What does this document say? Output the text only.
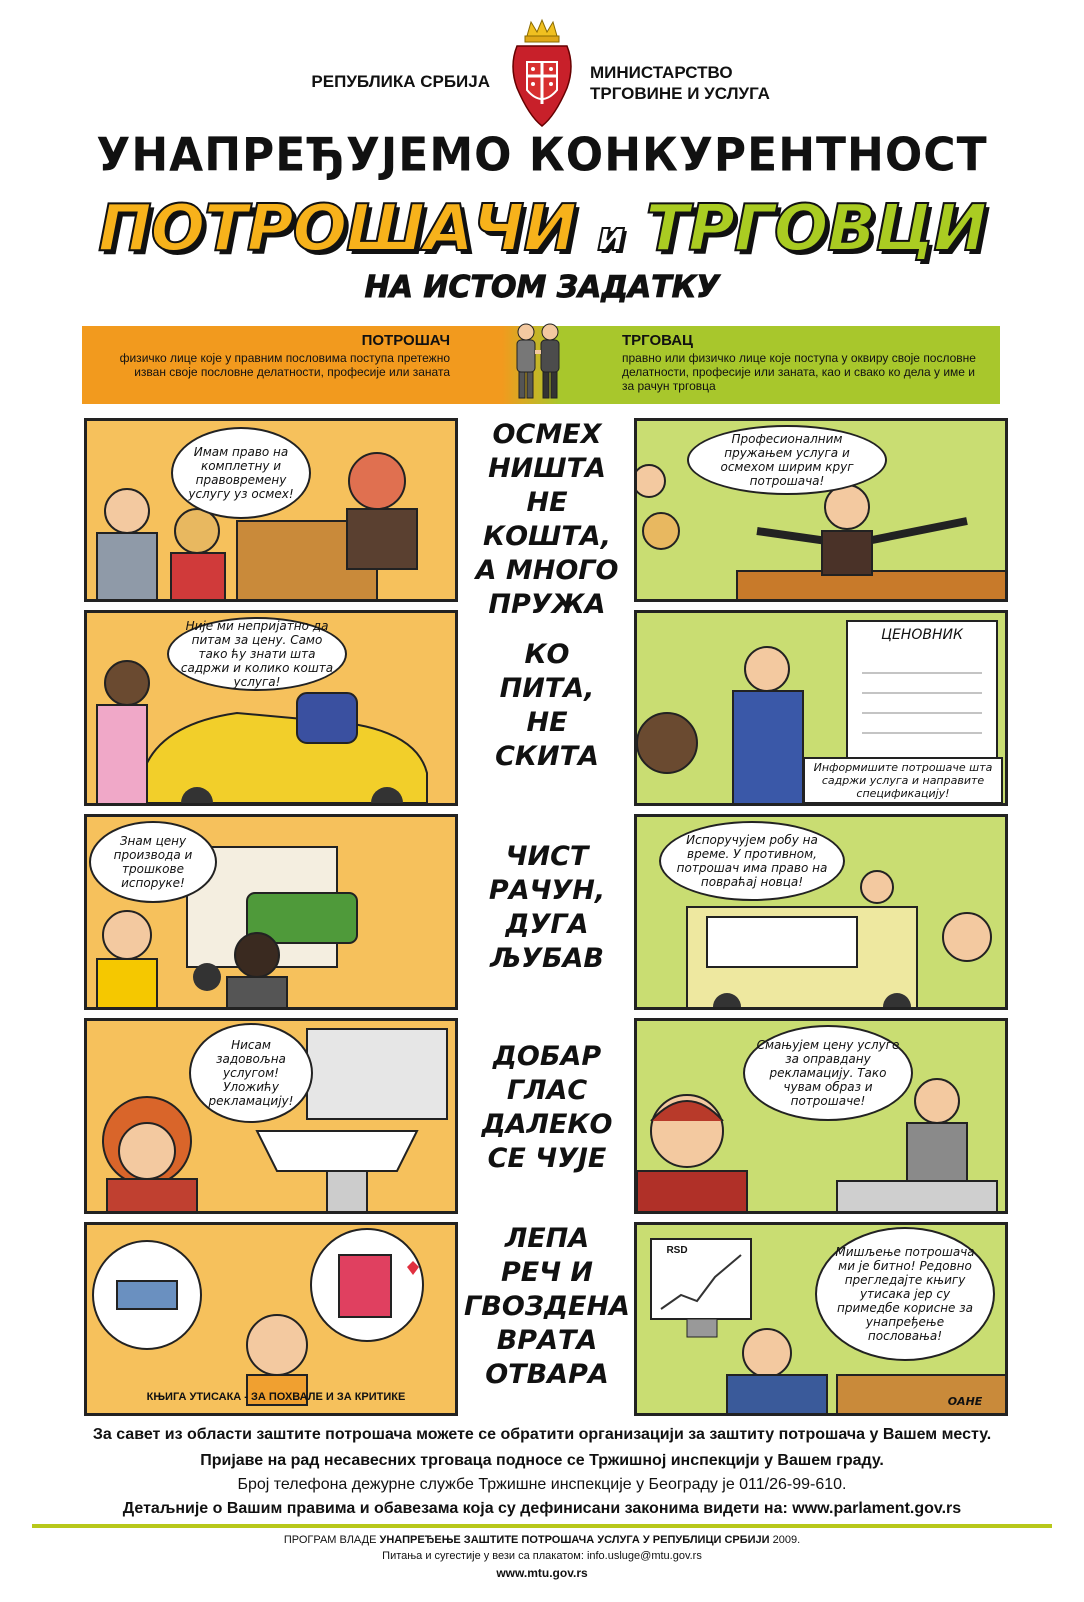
РЕПУБЛИКА СРБИЈА	МИНИСТАРСТВО
ТРГОВИНЕ И УСЛУГА
УНАПРЕЂУЈЕМО КОНКУРЕНТНОСТ
ПОТРОШАЧИ и ТРГОВЦИ
НА ИСТОМ ЗАДАТКУ
ПОТРОШАЧ
физичко лице које у правним пословима поступа претежно изван своје пословне делатности, професије или заната
ТРГОВАЦ
правно или физичко лице које поступа у оквиру своје пословне делатности, професије или заната, као и свако ко дела у име и за рачун трговца
Имам право на комплетну и правовремену услугу уз осмех!
ОСМЕХ
НИШТА
НЕ КОШТА,
А МНОГО
ПРУЖА
Професионалним пружањем услуга и осмехом ширим круг потрошача!
Није ми непријатно да питам за цену. Само тако ћу знати шта садржи и колико кошта услуга!
КО
ПИТА,
НЕ
СКИТА
ЦЕНОВНИК
Информишите потрошаче шта садржи услуга и направите спецификацију!
Знам цену производа и трошкове испоруке!
ЧИСТ
РАЧУН,
ДУГА
ЉУБАВ
Испоручујем робу на време. У противном, потрошач има право на повраћај новца!
Нисам задовољна услугом! Уложићу рекламацију!
ДОБАР
ГЛАС
ДАЛЕКО
СЕ ЧУЈЕ
Смањујем цену услуге за оправдану рекламацију. Тако чувам образ и потрошаче!
КЊИГА УТИСАКА - ЗА ПОХВАЛЕ И ЗА КРИТИКЕ
ЛЕПА
РЕЧ И
ГВОЗДЕНА
ВРАТА
ОТВАРА
RSD	Мишљење потрошача ми је битно! Редовно прегледајте књигу утисака јер су примедбе корисне за унапређење пословања!
ОАНЕ
За савет из области заштите потрошача можете се обратити организацији за заштиту потрошача у Вашем месту.
Пријаве на рад несавесних трговаца подносе се Тржишној инспекцији у Вашем граду.
Број телефона дежурне службе Тржишне инспекције у Београду је 011/26-99-610.
Детаљније о Вашим правима и обавезама која су дефинисани законима видети на: www.parlament.gov.rs
ПРОГРАМ ВЛАДЕ УНАПРЕЂЕЊЕ ЗАШТИТЕ ПОТРОШАЧА УСЛУГА У РЕПУБЛИЦИ СРБИЈИ 2009.
Питања и сугестије у вези са плакатом: info.usluge@mtu.gov.rs
www.mtu.gov.rs
